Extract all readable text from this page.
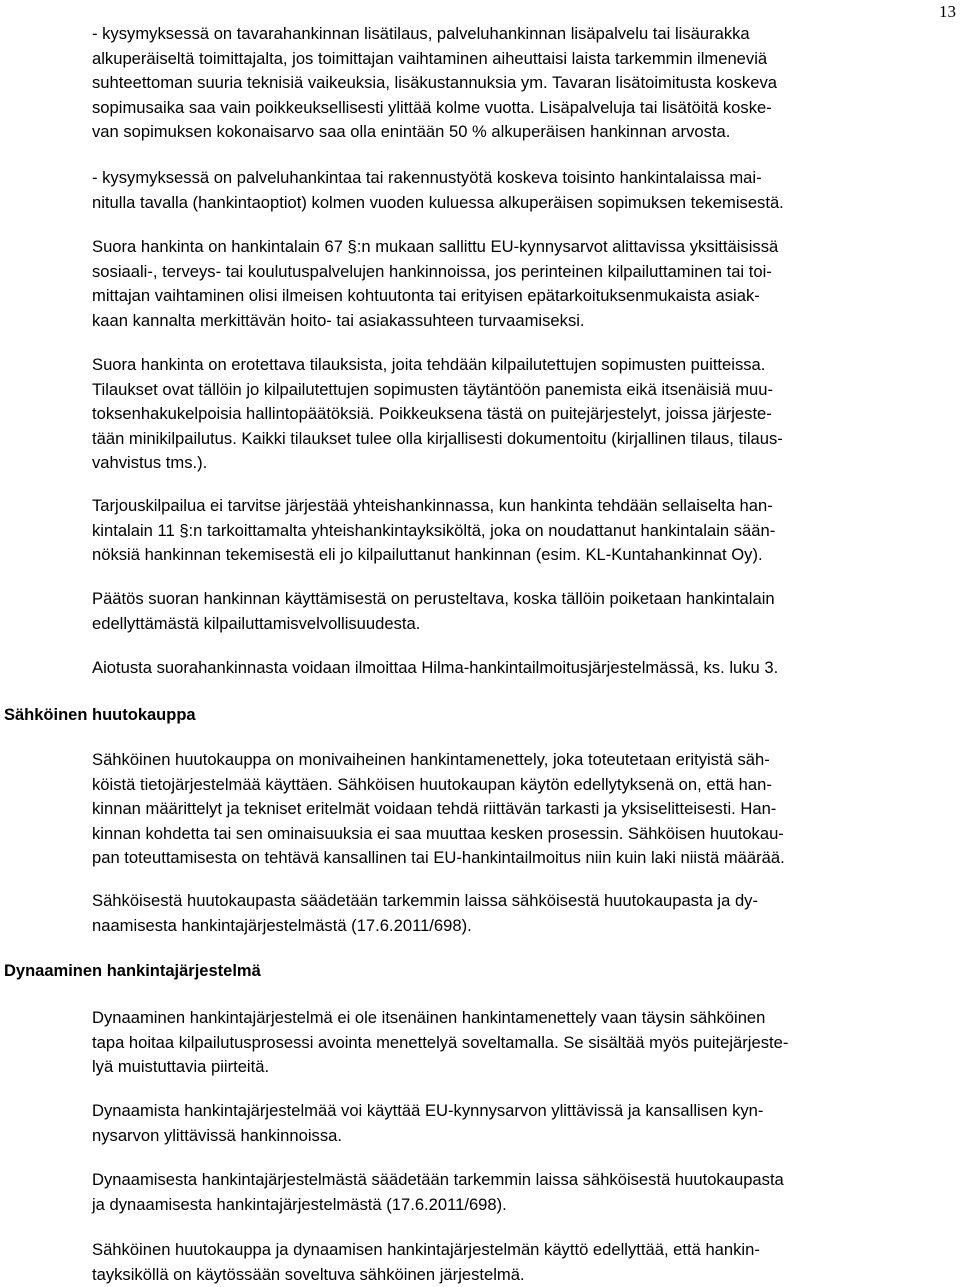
13
- kysymyksessä on tavarahankinnan lisätilaus, palveluhankinnan lisäpalvelu tai lisäurakka
alkuperäiseltä toimittajalta, jos toimittajan vaihtaminen aiheuttaisi laista tarkemmin ilmeneviä
suhteettoman suuria teknisiä vaikeuksia, lisäkustannuksia ym. Tavaran lisätoimitusta koskeva
sopimusaika saa vain poikkeuksellisesti ylittää kolme vuotta. Lisäpalveluja tai lisätöitä koske-
van sopimuksen kokonaisarvo saa olla enintään 50 % alkuperäisen hankinnan arvosta.
- kysymyksessä on palveluhankintaa tai rakennustyötä koskeva toisinto hankintalaissa mai-
nitulla tavalla (hankintaoptiot) kolmen vuoden kuluessa alkuperäisen sopimuksen tekemisestä.
Suora hankinta on hankintalain 67 §:n mukaan sallittu EU-kynnysarvot alittavissa yksittäisissä
sosiaali-, terveys- tai koulutuspalvelujen hankinnoissa, jos perinteinen kilpailuttaminen tai toi-
mittajan vaihtaminen olisi ilmeisen kohtuutonta tai erityisen epätarkoituksenmukaista asiak-
kaan kannalta merkittävän hoito- tai asiakassuhteen turvaamiseksi.
Suora hankinta on erotettava tilauksista, joita tehdään kilpailutettujen sopimusten puitteissa.
Tilaukset ovat tällöin jo kilpailutettujen sopimusten täytäntöön panemista eikä itsenäisiä muu-
toksenhakukelpoisia hallintopäätöksiä. Poikkeuksena tästä on puitejärjestelyt, joissa järjeste-
tään minikilpailutus. Kaikki tilaukset tulee olla kirjallisesti dokumentoitu (kirjallinen tilaus, tilaus-
vahvistus tms.).
Tarjouskilpailua ei tarvitse järjestää yhteishankinnassa, kun hankinta tehdään sellaiselta han-
kintalain 11 §:n tarkoittamalta yhteishankintayksiköltä, joka on noudattanut hankintalain sään-
nöksiä hankinnan tekemisestä eli jo kilpailuttanut hankinnan (esim. KL-Kuntahankinnat Oy).
Päätös suoran hankinnan käyttämisestä on perusteltava, koska tällöin poiketaan hankintalain
edellyttämästä kilpailuttamisvelvollisuudesta.
Aiotusta suorahankinnasta voidaan ilmoittaa Hilma-hankintailmoitusjärjestelmässä, ks. luku 3.
Sähköinen huutokauppa
Sähköinen huutokauppa on monivaiheinen hankintamenettely, joka toteutetaan erityistä säh-
köistä tietojärjestelmää käyttäen. Sähköisen huutokaupan käytön edellytyksenä on, että han-
kinnan määrittelyt ja tekniset eritelmät voidaan tehdä riittävän tarkasti ja yksiselitteisesti. Han-
kinnan kohdetta tai sen ominaisuuksia ei saa muuttaa kesken prosessin. Sähköisen huutokau-
pan toteuttamisesta on tehtävä kansallinen tai EU-hankintailmoitus niin kuin laki niistä määrää.
Sähköisestä huutokaupasta säädetään tarkemmin laissa sähköisestä huutokaupasta ja dy-
naamisesta hankintajärjestelmästä (17.6.2011/698).
Dynaaminen hankintajärjestelmä
Dynaaminen hankintajärjestelmä ei ole itsenäinen hankintamenettely vaan täysin sähköinen
tapa hoitaa kilpailutusprosessi avointa menettelyä soveltamalla. Se sisältää myös puitejärjeste-
lyä muistuttavia piirteitä.
Dynaamista hankintajärjestelmää voi käyttää EU-kynnysarvon ylittävissä ja kansallisen kyn-
nysarvon ylittävissä hankinnoissa.
Dynaamisesta hankintajärjestelmästä säädetään tarkemmin laissa sähköisestä huutokaupasta
ja dynaamisesta hankintajärjestelmästä (17.6.2011/698).
Sähköinen huutokauppa ja dynaamisen hankintajärjestelmän käyttö edellyttää, että hankin-
tayksiköllä on käytössään soveltuva sähköinen järjestelmä.
